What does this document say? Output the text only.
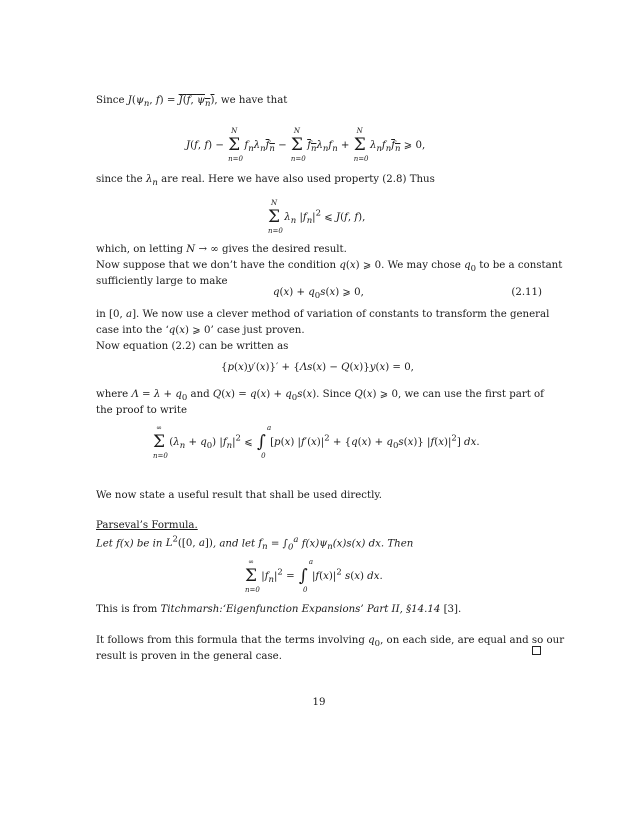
Since $J(\psi_n$, f) = J(f, $\psi_n$), we have that
J(f, f) − Σ
N
n=0
$f_n\lambda_nf_n - \Sigma$
N
n=0
$f_n\lambda_nf_n + \Sigma$
N
n=0
$\lambda_nf_nf_n$ ⩾ 0,
since the $\lambda_n$ are real. Here we have also used property (2.8) Thus
Σ
N
n=0
$\lambda_n$ $|f_n|^2$ ⩽ J(f, f),
which, on letting N → ∞ gives the desired result.
Now suppose that we don’t have the condition q(x) ⩾ 0. We may chose $q_0$ to be a constant
sufficiently large to make
$q(x) + q_0s(x)$ ⩾ 0,	(2.11)
in [0, a]. We now use a clever method of variation of constants to transform the general
case into the ‘q(x) ⩾ 0’ case just proven.
Now equation (2.2) can be written as
{p(x)y′(x)}′ + {Λs(x) − Q(x)}y(x) = 0,
where $\Lambda = \lambda + q_0$ and $Q(x) = q(x) + q_0s(x)$. Since Q(x) ⩾ 0, we can use the first part of
the proof to write
Σ
∞
n=0
$(\lambda_n + q_0)$ $|f_n|^2$ ⩽ ∫
a
0
[p(x) $|f'(x)|^2 + \{q(x) + q_0s(x)\}$ $|f(x)|^2$] dx.
We now state a useful result that shall be used directly.
Parseval’s Formula.
Let f(x) be in $L^2([0$, a]), and let $f_n = \int_0^a$ $f(x)\psi_n(x)s(x)$ dx. Then
Σ
∞
n=0
$|f_n|^2$ = ∫
a
0
$|f(x)|^2$ s(x) dx.
This is from Titchmarsh:‘Eigenfunction Expansions’ Part II, §14.14 [3].
It follows from this formula that the terms involving $q_0$, on each side, are equal and so our
result is proven in the general case.
19
